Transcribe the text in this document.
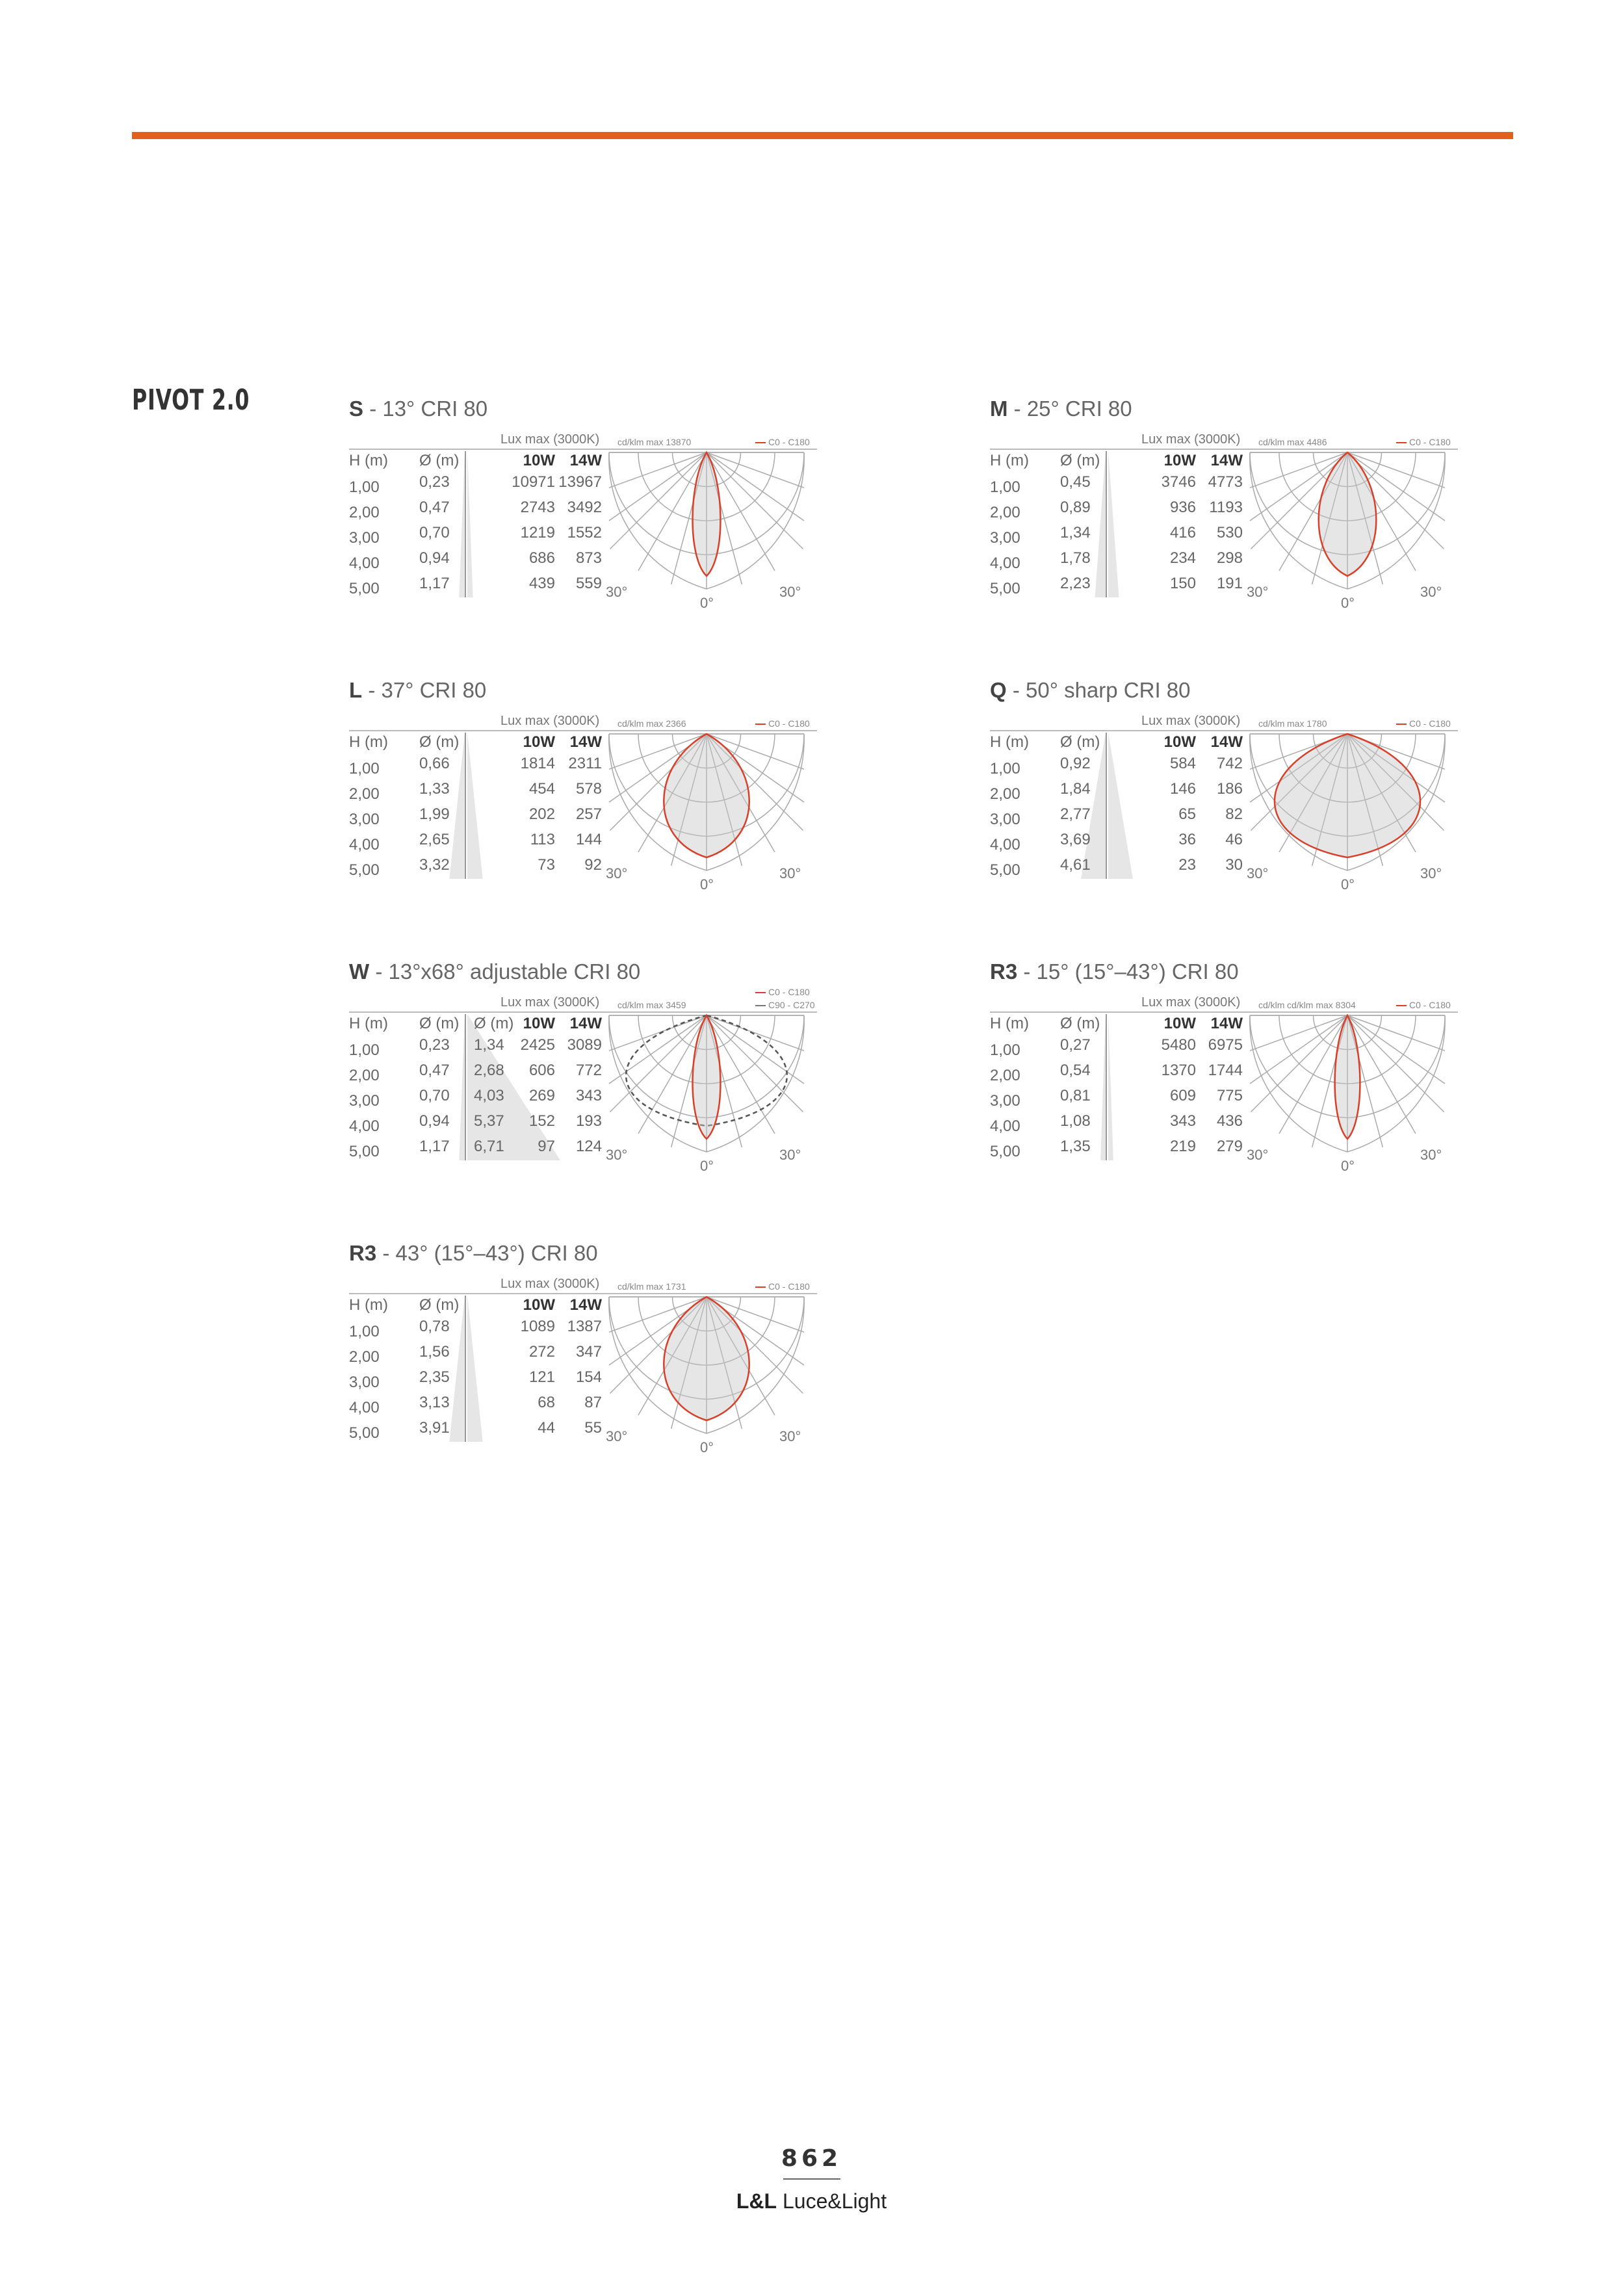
PIVOT 2.0	S - 13° CRI 80
Lux max (3000K)
H (m) Ø (m)	10W 14W
1,00	0,23	10971 13967
2,00	0,47	2743 3492
3,00	0,70	1219 1552
4,00	0,94	686	873
5,00	1,17	439	559
cd/klm max 13870	C0 - C180
30°	30°
0°
M - 25° CRI 80
Lux max (3000K)
H (m) Ø (m)	10W 14W
1,00	0,45	3746 4773
2,00	0,89	936 1193
3,00	1,34	416	530
4,00	1,78	234	298
5,00	2,23	150	191
cd/klm max 4486	C0 - C180
30°	30°
0°
L - 37° CRI 80
Lux max (3000K)
H (m) Ø (m)	10W 14W
1,00	0,66	1814 2311
2,00	1,33	454	578
3,00	1,99	202	257
4,00	2,65	113	144
5,00	3,32	73	92
cd/klm max 2366	C0 - C180
30°	30°
0°
Q - 50° sharp CRI 80
Lux max (3000K)
H (m) Ø (m)	10W 14W
1,00	0,92	584	742
2,00	1,84	146	186
3,00	2,77	65	82
4,00	3,69	36	46
5,00	4,61	23	30
cd/klm max 1780	C0 - C180
30°	30°
0°
W - 13°x68° adjustable CRI 80
Lux max (3000K)
H (m) Ø (m) Ø (m) 10W 14W
1,00	0,23 1,34	2425 3089
2,00	0,47 2,68	606	772
3,00	0,70 4,03	269	343
4,00	0,94 5,37	152	193
5,00	1,17 6,71	97	124
cd/klm max 3459
C0 - C180
C90 - C270
30°	30°
0°
R3 - 15° (15°–43°) CRI 80
Lux max (3000K)
H (m) Ø (m)	10W 14W
1,00	0,27	5480 6975
2,00	0,54	1370 1744
3,00	0,81	609	775
4,00	1,08	343	436
5,00	1,35	219	279
cd/klm cd/klm max 8304	C0 - C180
30°	30°
0°
R3 - 43° (15°–43°) CRI 80
Lux max (3000K)
H (m) Ø (m)	10W 14W
1,00	0,78	1089 1387
2,00	1,56	272	347
3,00	2,35	121	154
4,00	3,13	68	87
5,00	3,91	44	55
cd/klm max 1731	C0 - C180
30°	30°
0°
862
L&L Luce&Light
